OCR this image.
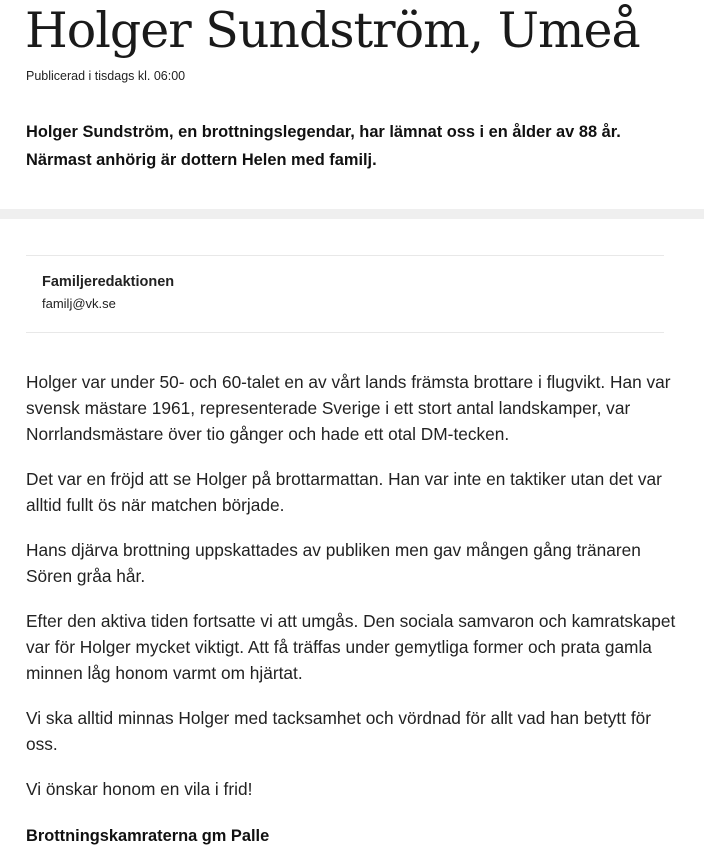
Holger Sundström, Umeå
Publicerad i tisdags kl. 06:00

Holger Sundström, en brottningslegendar, har lämnat oss i en ålder av 88 år. Närmast anhörig är dottern Helen med familj.

Familjeredaktionen
familj@vk.se

Holger var under 50- och 60-talet en av vårt lands främsta brottare i flugvikt. Han var svensk mästare 1961, representerade Sverige i ett stort antal landskamper, var Norrlandsmästare över tio gånger och hade ett otal DM-tecken.

Det var en fröjd att se Holger på brottarmattan. Han var inte en taktiker utan det var alltid fullt ös när matchen började.

Hans djärva brottning uppskattades av publiken men gav mången gång tränaren Sören gråa hår.

Efter den aktiva tiden fortsatte vi att umgås. Den sociala samvaron och kamratskapet var för Holger mycket viktigt. Att få träffas under gemytliga former och prata gamla minnen låg honom varmt om hjärtat.

Vi ska alltid minnas Holger med tacksamhet och vördnad för allt vad han betytt för oss.

Vi önskar honom en vila i frid!

Brottningskamraterna gm Palle
